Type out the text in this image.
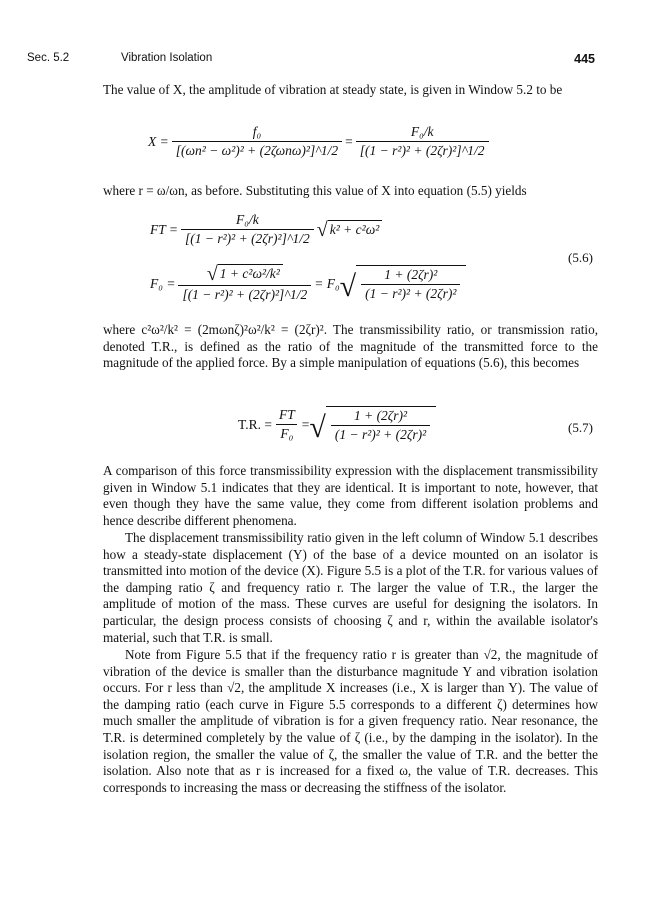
Sec. 5.2	Vibration Isolation	445

The value of X, the amplitude of vibration at steady state, is given in Window 5.2 to be

$X = \frac{\text{f₀}}{\text{[(ωn² − ω²)² + (2ζωnω)²]\textasciicircum{}1/2}} = \frac{\text{F₀/k}}{\text{[(1 − r²)² + (2ζr)²]\textasciicircum{}1/2}}$

where r = ω/ωn, as before. Substituting this value of X into equation (5.5) yields

FT = $\frac{\text{F₀/k}}{\text{[(1 − r²)² + (2ζr)²]\textasciicircum{}1/2}}$ √ k² + c²ω²
$F_0 = \frac{\text{√ 1 + c²ω²/k²}}{\text{[(1 − r²)² + (2ζr)²]\textasciicircum{}1/2}} = F_0$ √ $\frac{\text{1 + (2ζr)²}}{\text{(1 − r²)² + (2ζr)²}}$
(5.6)

where c²ω²/k² = (2mωnζ)²ω²/k² = (2ζr)². The transmissibility ratio, or transmission ratio, denoted T.R., is defined as the ratio of the magnitude of the transmitted force to the magnitude of the applied force. By a simple manipulation of equations (5.6), this becomes

T.R. = $\frac{FT}{\text{F₀}}$ = √ $\frac{\text{1 + (2ζr)²}}{\text{(1 − r²)² + (2ζr)²}}$	(5.7)

A comparison of this force transmissibility expression with the displacement transmissibility given in Window 5.1 indicates that they are identical. It is important to note, however, that even though they have the same value, they come from different isolation problems and hence describe different phenomena.

The displacement transmissibility ratio given in the left column of Window 5.1 describes how a steady-state displacement (Y) of the base of a device mounted on an isolator is transmitted into motion of the device (X). Figure 5.5 is a plot of the T.R. for various values of the damping ratio ζ and frequency ratio r. The larger the value of T.R., the larger the amplitude of motion of the mass. These curves are useful for designing the isolators. In particular, the design process consists of choosing ζ and r, within the available isolator's material, such that T.R. is small.

Note from Figure 5.5 that if the frequency ratio r is greater than √2, the magnitude of vibration of the device is smaller than the disturbance magnitude Y and vibration isolation occurs. For r less than √2, the amplitude X increases (i.e., X is larger than Y). The value of the damping ratio (each curve in Figure 5.5 corresponds to a different ζ) determines how much smaller the amplitude of vibration is for a given frequency ratio. Near resonance, the T.R. is determined completely by the value of ζ (i.e., by the damping in the isolator). In the isolation region, the smaller the value of ζ, the smaller the value of T.R. and the better the isolation. Also note that as r is increased for a fixed ω, the value of T.R. decreases. This corresponds to increasing the mass or decreasing the stiffness of the isolator.
